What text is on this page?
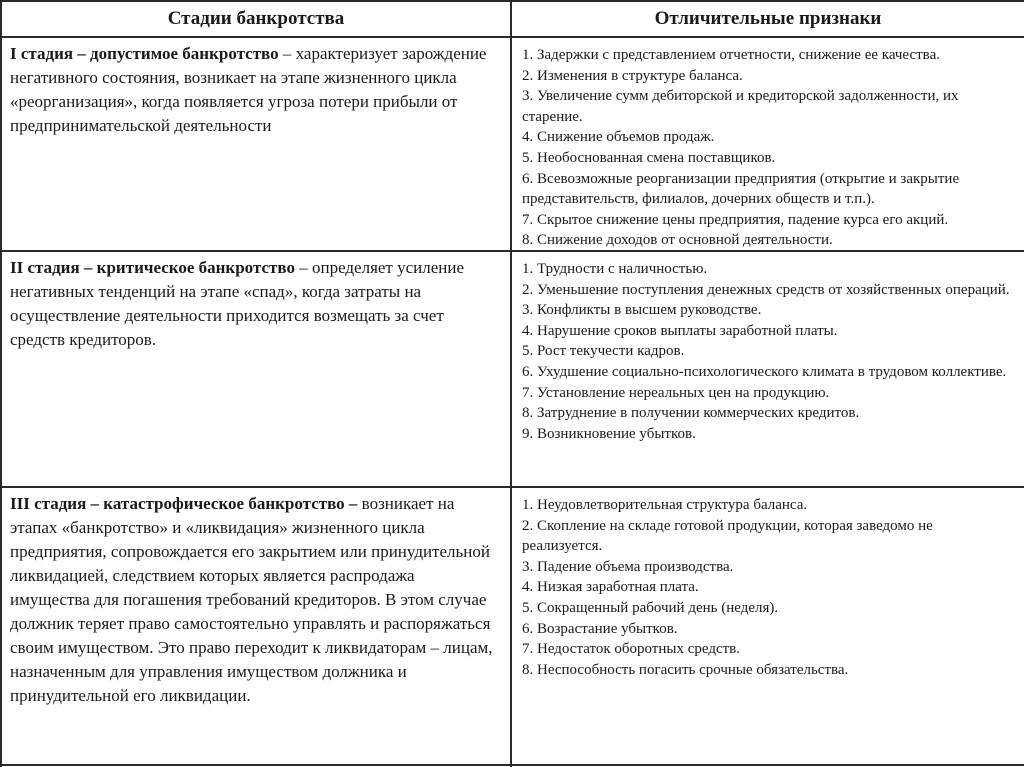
Стадии банкротства	Отличительные признаки
I стадия – допустимое банкротство – характеризует зарождение негативного состояния, возникает на этапе жизненного цикла «реорганизация», когда появляется угроза потери прибыли от предпринимательской деятельности
1. Задержки с представлением отчетности, снижение ее качества.
2. Изменения в структуре баланса.
3. Увеличение сумм дебиторской и кредиторской задолженности, их старение.
4. Снижение объемов продаж.
5. Необоснованная смена поставщиков.
6. Всевозможные реорганизации предприятия (открытие и закрытие представительств, филиалов, дочерних обществ и т.п.).
7. Скрытое снижение цены предприятия, падение курса его акций.
8. Снижение доходов от основной деятельности.
II стадия – критическое банкротство – определяет усиление негативных тенденций на этапе «спад», когда затраты на осуществление деятельности приходится возмещать за счет средств кредиторов.
1. Трудности с наличностью.
2. Уменьшение поступления денежных средств от хозяйственных операций.
3. Конфликты в высшем руководстве.
4. Нарушение сроков выплаты заработной платы.
5. Рост текучести кадров.
6. Ухудшение социально-психологического климата в трудовом коллективе.
7. Установление нереальных цен на продукцию.
8. Затруднение в получении коммерческих кредитов.
9. Возникновение убытков.
III стадия – катастрофическое банкротство – возникает на этапах «банкротство» и «ликвидация» жизненного цикла предприятия, сопровождается его закрытием или принудительной ликвидацией, следствием которых является распродажа имущества для погашения требований кредиторов. В этом случае должник теряет право самостоятельно управлять и распоряжаться своим имуществом. Это право переходит к ликвидаторам – лицам, назначенным для управления имуществом должника и принудительной его ликвидации.
1. Неудовлетворительная структура баланса.
2. Скопление на складе готовой продукции, которая заведомо не реализуется.
3. Падение объема производства.
4. Низкая заработная плата.
5. Сокращенный рабочий день (неделя).
6. Возрастание убытков.
7. Недостаток оборотных средств.
8. Неспособность погасить срочные обязательства.
